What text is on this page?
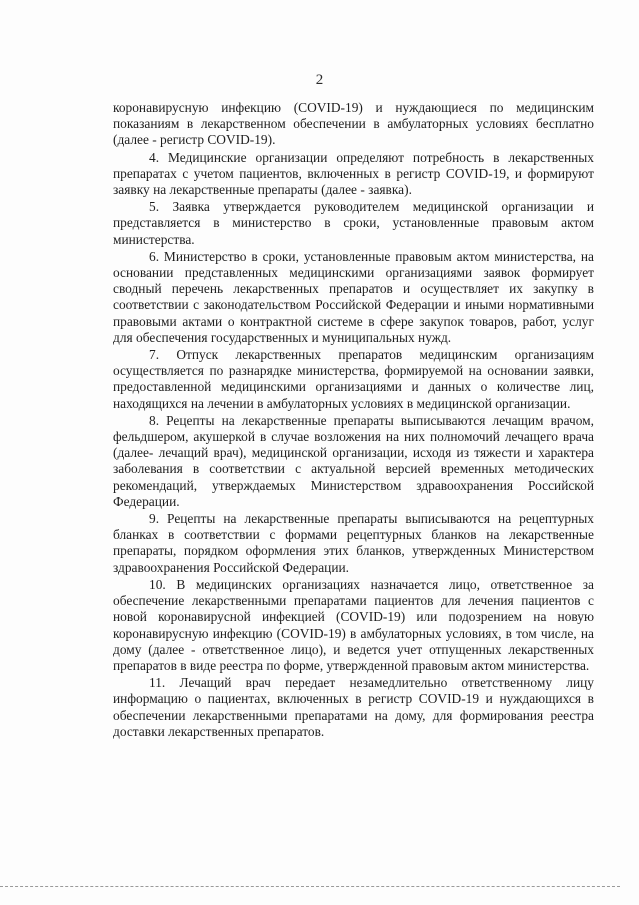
2

коронавирусную инфекцию (COVID-19) и нуждающиеся по медицинским показаниям в лекарственном обеспечении в амбулаторных условиях бесплатно (далее - регистр COVID-19).

4. Медицинские организации определяют потребность в лекарственных препаратах с учетом пациентов, включенных в регистр COVID-19, и формируют заявку на лекарственные препараты (далее - заявка).

5. Заявка утверждается руководителем медицинской организации и представляется в министерство в сроки, установленные правовым актом министерства.

6. Министерство в сроки, установленные правовым актом министерства, на основании представленных медицинскими организациями заявок формирует сводный перечень лекарственных препаратов и осуществляет их закупку в соответствии с законодательством Российской Федерации и иными нормативными правовыми актами о контрактной системе в сфере закупок товаров, работ, услуг для обеспечения государственных и муниципальных нужд.

7. Отпуск лекарственных препаратов медицинским организациям осуществляется по разнарядке министерства, формируемой на основании заявки, предоставленной медицинскими организациями и данных о количестве лиц, находящихся на лечении в амбулаторных условиях в медицинской организации.

8. Рецепты на лекарственные препараты выписываются лечащим врачом, фельдшером, акушеркой в случае возложения на них полномочий лечащего врача (далее- лечащий врач), медицинской организации, исходя из тяжести и характера заболевания в соответствии с актуальной версией временных методических рекомендаций, утверждаемых Министерством здравоохранения Российской Федерации.

9. Рецепты на лекарственные препараты выписываются на рецептурных бланках в соответствии с формами рецептурных бланков на лекарственные препараты, порядком оформления этих бланков, утвержденных Министерством здравоохранения Российской Федерации.

10. В медицинских организациях назначается лицо, ответственное за обеспечение лекарственными препаратами пациентов для лечения пациентов с новой коронавирусной инфекцией (COVID-19) или подозрением на новую коронавирусную инфекцию (COVID-19) в амбулаторных условиях, в том числе, на дому (далее - ответственное лицо), и ведется учет отпущенных лекарственных препаратов в виде реестра по форме, утвержденной правовым актом министерства.

11. Лечащий врач передает незамедлительно ответственному лицу информацию о пациентах, включенных в регистр COVID-19 и нуждающихся в обеспечении лекарственными препаратами на дому, для формирования реестра доставки лекарственных препаратов.
